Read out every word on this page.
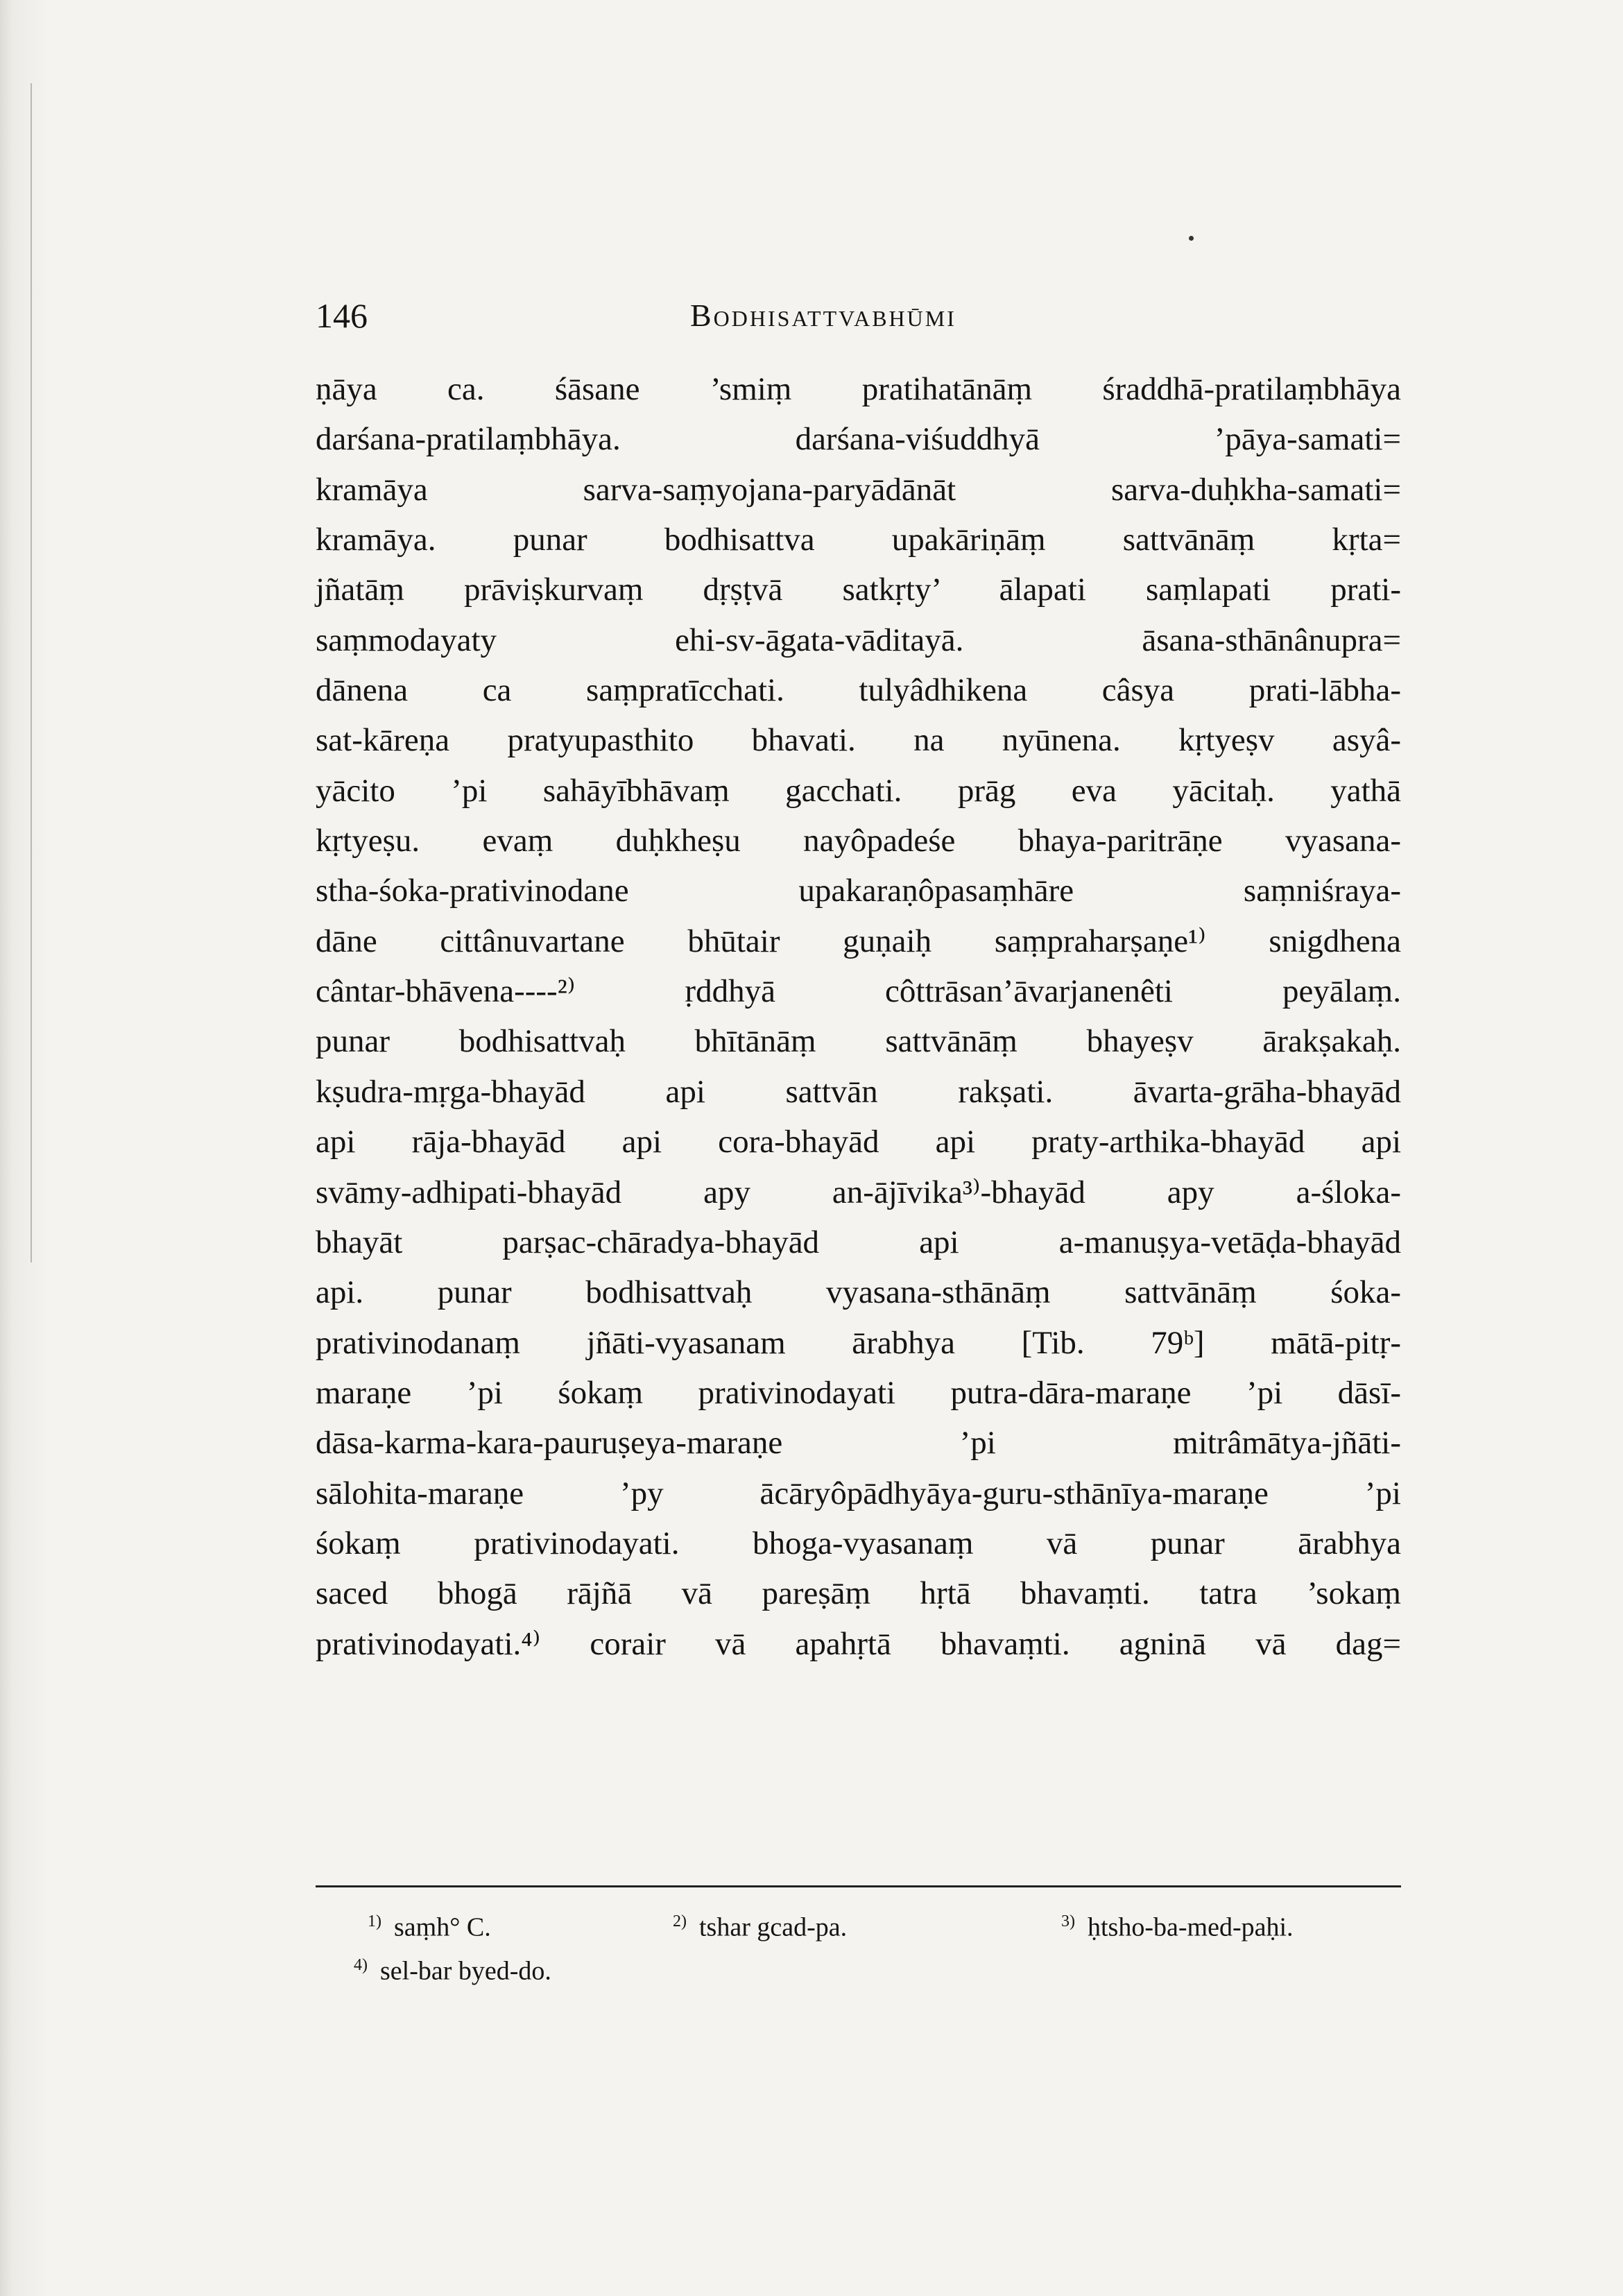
146	Bodhisattvabhūmi
ṇāya ca. śāsane ’smiṃ pratihatānāṃ śraddhā-pratilaṃbhāya
darśana-pratilaṃbhāya. darśana-viśuddhyā ’pāya-samati=
kramāya sarva-saṃyojana-paryādānāt sarva-duḥkha-samati=
kramāya. punar bodhisattva upakāriṇāṃ sattvānāṃ kṛta=
jñatāṃ prāviṣkurvaṃ dṛṣṭvā satkṛty’ ālapati saṃlapati prati-
saṃmodayaty ehi-sv-āgata-vāditayā. āsana-sthānânupra=
dānena ca saṃpratīcchati. tulyâdhikena câsya prati-lābha-
sat-kāreṇa pratyupasthito bhavati. na nyūnena. kṛtyeṣv asyâ-
yācito ’pi sahāyībhāvaṃ gacchati. prāg eva yācitaḥ. yathā
kṛtyeṣu. evaṃ duḥkheṣu nayôpadeśe bhaya-paritrāṇe vyasana-
stha-śoka-prativinodane upakaraṇôpasaṃhāre saṃniśraya-
dāne cittânuvartane bhūtair guṇaiḥ saṃpraharṣaṇe¹⁾ snigdhena
cântar-bhāvena----²⁾ ṛddhyā côttrāsan’āvarjanenêti peyālaṃ.
punar bodhisattvaḥ bhītānāṃ sattvānāṃ bhayeṣv ārakṣakaḥ.
kṣudra-mṛga-bhayād api sattvān rakṣati. āvarta-grāha-bhayād
api rāja-bhayād api cora-bhayād api praty-arthika-bhayād api
svāmy-adhipati-bhayād apy an-ājīvika³⁾-bhayād apy a-śloka-
bhayāt parṣac-chāradya-bhayād api a-manuṣya-vetāḍa-bhayād
api. punar bodhisattvaḥ vyasana-sthānāṃ sattvānāṃ śoka-
prativinodanaṃ jñāti-vyasanam ārabhya [Tib. 79ᵇ] mātā-pitṛ-
maraṇe ’pi śokaṃ prativinodayati putra-dāra-maraṇe ’pi dāsī-
dāsa-karma-kara-pauruṣeya-maraṇe ’pi mitrâmātya-jñāti-
sālohita-maraṇe ’py ācāryôpādhyāya-guru-sthānīya-maraṇe ’pi
śokaṃ prativinodayati. bhoga-vyasanaṃ vā punar ārabhya
saced bhogā rājñā vā pareṣāṃ hṛtā bhavaṃti. tatra ’sokaṃ
prativinodayati.⁴⁾ corair vā apahṛtā bhavaṃti. agninā vā dag=
$^{1)}$ saṃh° C.	$^{2)}$ tshar gcad-pa.	$^{3)}$ ḥtsho-ba-med-paḥi.
$^{4)}$ sel-bar byed-do.
